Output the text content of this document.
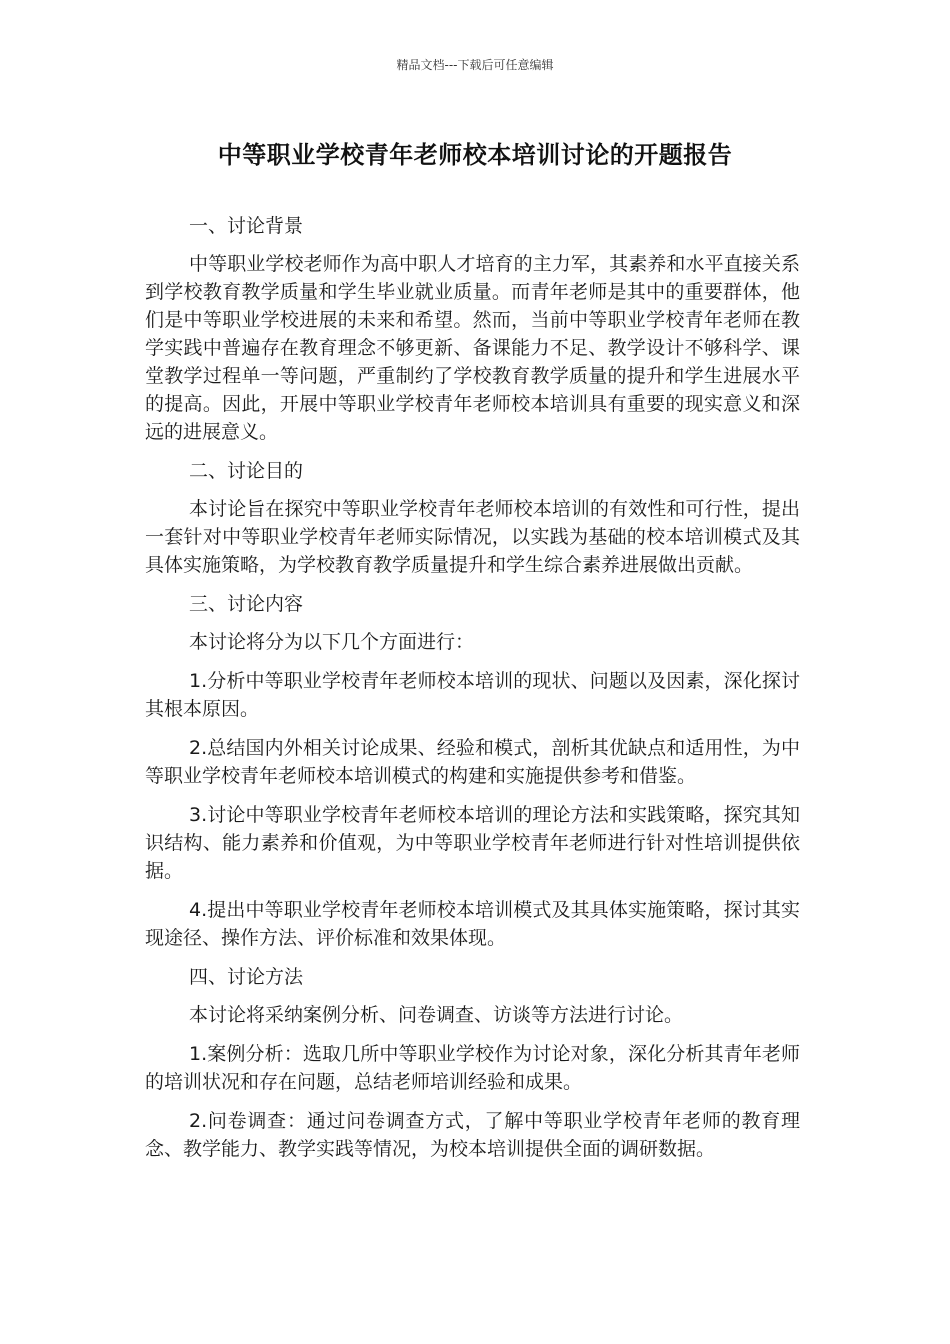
精品文档---下载后可任意编辑
中等职业学校青年老师校本培训讨论的开题报告

一、讨论背景

中等职业学校老师作为高中职人才培育的主力军，其素养和水平直接关系到学校教育教学质量和学生毕业就业质量。而青年老师是其中的重要群体，他们是中等职业学校进展的未来和希望。然而，当前中等职业学校青年老师在教学实践中普遍存在教育理念不够更新、备课能力不足、教学设计不够科学、课堂教学过程单一等问题，严重制约了学校教育教学质量的提升和学生进展水平的提高。因此，开展中等职业学校青年老师校本培训具有重要的现实意义和深远的进展意义。

二、讨论目的

本讨论旨在探究中等职业学校青年老师校本培训的有效性和可行性，提出一套针对中等职业学校青年老师实际情况，以实践为基础的校本培训模式及其具体实施策略，为学校教育教学质量提升和学生综合素养进展做出贡献。

三、讨论内容

本讨论将分为以下几个方面进行：

1.分析中等职业学校青年老师校本培训的现状、问题以及因素，深化探讨其根本原因。

2.总结国内外相关讨论成果、经验和模式，剖析其优缺点和适用性，为中等职业学校青年老师校本培训模式的构建和实施提供参考和借鉴。

3.讨论中等职业学校青年老师校本培训的理论方法和实践策略，探究其知识结构、能力素养和价值观，为中等职业学校青年老师进行针对性培训提供依据。

4.提出中等职业学校青年老师校本培训模式及其具体实施策略，探讨其实现途径、操作方法、评价标准和效果体现。

四、讨论方法

本讨论将采纳案例分析、问卷调查、访谈等方法进行讨论。

1.案例分析：选取几所中等职业学校作为讨论对象，深化分析其青年老师的培训状况和存在问题，总结老师培训经验和成果。

2.问卷调查：通过问卷调查方式，了解中等职业学校青年老师的教育理念、教学能力、教学实践等情况，为校本培训提供全面的调研数据。
